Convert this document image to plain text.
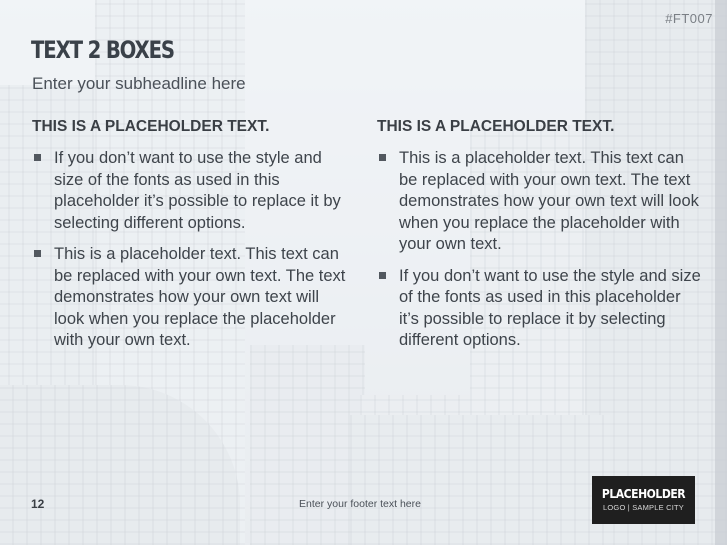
#FT007
TEXT 2 BOXES

Enter your subheadline here

THIS IS A PLACEHOLDER TEXT.

If you don’t want to use the style and size of the fonts as used in this placeholder it’s possible to replace it by selecting different options.
This is a placeholder text. This text can be replaced with your own text. The text demonstrates how your own text will look when you replace the placeholder with your own text.

THIS IS A PLACEHOLDER TEXT.

This is a placeholder text. This text can be replaced with your own text. The text demonstrates how your own text will look when you replace the placeholder with your own text.
If you don’t want to use the style and size of the fonts as used in this placeholder it’s possible to replace it by selecting different options.
12	Enter your footer text here
PLACEHOLDER
LOGO | SAMPLE CITY
